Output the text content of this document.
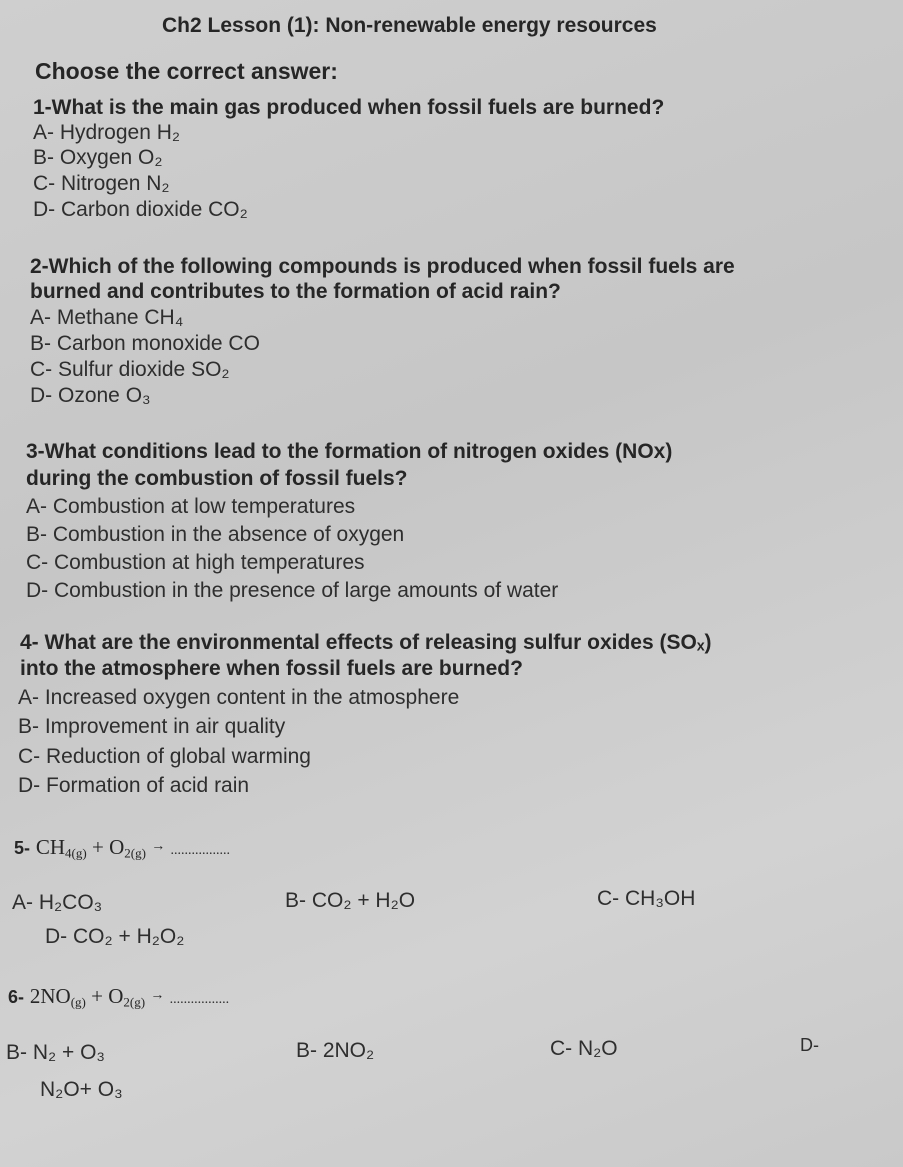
Ch2 Lesson (1): Non-renewable energy resources
Choose the correct answer:
1-What is the main gas produced when fossil fuels are burned?
A- Hydrogen H₂
B- Oxygen O₂
C- Nitrogen N₂
D- Carbon dioxide CO₂
2-Which of the following compounds is produced when fossil fuels are
burned and contributes to the formation of acid rain?
A- Methane CH₄
B- Carbon monoxide CO
C- Sulfur dioxide SO₂
D- Ozone O₃
3-What conditions lead to the formation of nitrogen oxides (NOx)
during the combustion of fossil fuels?
A- Combustion at low temperatures
B- Combustion in the absence of oxygen
C- Combustion at high temperatures
D- Combustion in the presence of large amounts of water
4- What are the environmental effects of releasing sulfur oxides (SOₓ)
into the atmosphere when fossil fuels are burned?
A- Increased oxygen content in the atmosphere
B- Improvement in air quality
C- Reduction of global warming
D- Formation of acid rain
5- $CH_{4(g)} + O_{2(g)}$ → .................
A- H₂CO₃	B- CO₂ + H₂O	C- CH₃OH
D- CO₂ + H₂O₂
6- $2NO_{(g)} + O_{2(g)}$ → .................
B- N₂ + O₃	B- 2NO₂	C- N₂O	D-
N₂O+ O₃
